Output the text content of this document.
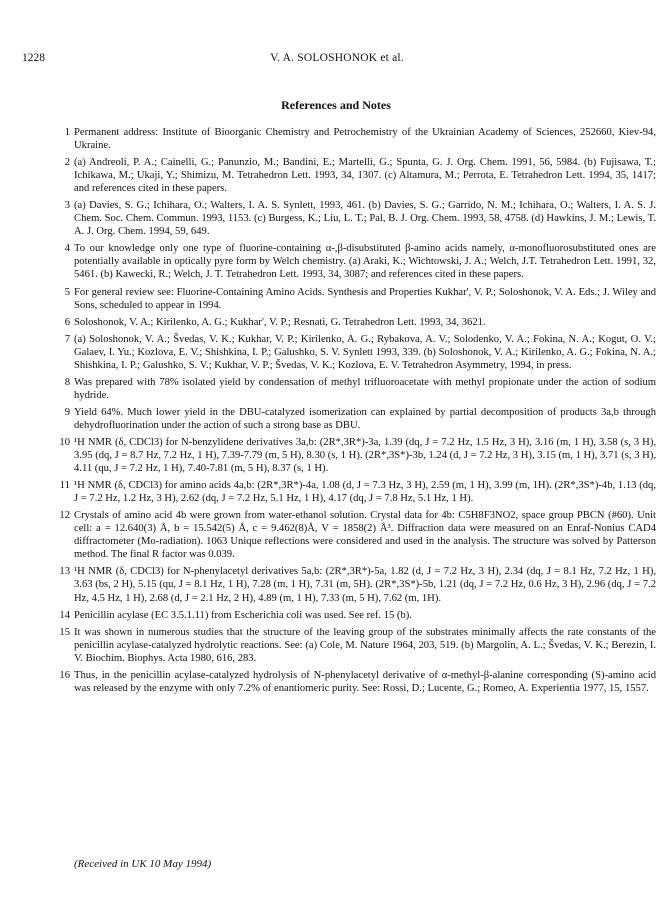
1228	V. A. SOLOSHONOK et al.
References and Notes
1 Permanent address: Institute of Bioorganic Chemistry and Petrochemistry of the Ukrainian Academy of Sciences, 252660, Kiev-94, Ukraine.
2 (a) Andreoli, P. A.; Cainelli, G.; Panunzio, M.; Bandini, E.; Martelli, G.; Spunta, G. J. Org. Chem. 1991, 56, 5984. (b) Fujisawa, T.; Ichikawa, M.; Ukaji, Y.; Shimizu, M. Tetrahedron Lett. 1993, 34, 1307. (c) Altamura, M.; Perrota, E. Tetrahedron Lett. 1994, 35, 1417; and references cited in these papers.
3 (a) Davies, S. G.; Ichihara, O.; Walters, I. A. S. Synlett, 1993, 461. (b) Davies, S. G.; Garrido, N. M.; Ichihara, O.; Walters, I. A. S. J. Chem. Soc. Chem. Commun. 1993, 1153. (c) Burgess, K.; Liu, L. T.; Pal, B. J. Org. Chem. 1993, 58, 4758. (d) Hawkins, J. M.; Lewis, T. A. J. Org. Chem. 1994, 59, 649.
4 To our knowledge only one type of fluorine-containing α-,β-disubstituted β-amino acids namely, α-monofluorosubstituted ones are potentially available in optically pyre form by Welch chemistry. (a) Araki, K.; Wichtowski, J. A.; Welch, J.T. Tetrahedron Lett. 1991, 32, 5461. (b) Kawecki, R.; Welch, J. T. Tetrahedron Lett. 1993, 34, 3087; and references cited in these papers.
5 For general review see: Fluorine-Containing Amino Acids. Synthesis and Properties Kukhar', V. P.; Soloshonok, V. A. Eds.; J. Wiley and Sons, scheduled to appear in 1994.
6 Soloshonok, V. A.; Kirilenko, A. G.; Kukhar', V. P.; Resnati, G. Tetrahedron Lett. 1993, 34, 3621.
7 (a) Soloshonok, V. A.; Švedas, V. K.; Kukhar, V. P.; Kirilenko, A. G.; Rybakova, A. V.; Solodenko, V. A.; Fokina, N. A.; Kogut, O. V.; Galaev, I. Yu.; Kozlova, E. V.; Shishkina, I. P.; Galushko, S. V. Synlett 1993, 339. (b) Soloshonok, V. A.; Kirilenko, A. G.; Fokina, N. A.; Shishkina, I. P.; Galushko, S. V.; Kukhar, V. P.; Švedas, V. K.; Kozlova, E. V. Tetrahedron Asymmetry, 1994, in press.
8 Was prepared with 78% isolated yield by condensation of methyl trifluoroacetate with methyl propionate under the action of sodium hydride.
9 Yield 64%. Much lower yield in the DBU-catalyzed isomerization can explained by partial decomposition of products 3a,b through dehydrofluorination under the action of such a strong base as DBU.
10 ¹H NMR (δ, CDCl3) for N-benzylidene derivatives 3a,b: (2R*,3R*)-3a, 1.39 (dq, J = 7.2 Hz, 1.5 Hz, 3 H), 3.16 (m, 1 H), 3.58 (s, 3 H), 3.95 (dq, J = 8.7 Hz, 7.2 Hz, 1 H), 7.39-7.79 (m, 5 H), 8.30 (s, 1 H). (2R*,3S*)-3b, 1.24 (d, J = 7.2 Hz, 3 H), 3.15 (m, 1 H), 3.71 (s, 3 H), 4.11 (qu, J = 7.2 Hz, 1 H), 7.40-7.81 (m, 5 H), 8.37 (s, 1 H).
11 ¹H NMR (δ, CDCl3) for amino acids 4a,b: (2R*,3R*)-4a, 1.08 (d, J = 7.3 Hz, 3 H), 2.59 (m, 1 H), 3.99 (m, 1H). (2R*,3S*)-4b, 1.13 (dq, J = 7.2 Hz, 1.2 Hz, 3 H), 2.62 (dq, J = 7.2 Hz, 5.1 Hz, 1 H), 4.17 (dq, J = 7.8 Hz, 5.1 Hz, 1 H).
12 Crystals of amino acid 4b were grown from water-ethanol solution. Crystal data for 4b: C5H8F3NO2, space group PBCN (#60). Unit cell: a = 12.640(3) Å, b = 15.542(5) Å, c = 9.462(8)Å, V = 1858(2) Å³. Diffraction data were measured on an Enraf-Nonius CAD4 diffractometer (Mo-radiation). 1063 Unique reflections were considered and used in the analysis. The structure was solved by Patterson method. The final R factor was 0.039.
13 ¹H NMR (δ, CDCl3) for N-phenylacetyl derivatives 5a,b: (2R*,3R*)-5a, 1.82 (d, J = 7.2 Hz, 3 H), 2.34 (dq, J = 8.1 Hz, 7.2 Hz, 1 H), 3.63 (bs, 2 H), 5.15 (qu, J = 8.1 Hz, 1 H), 7.28 (m, 1 H), 7.31 (m, 5H). (2R*,3S*)-5b, 1.21 (dq, J = 7.2 Hz, 0.6 Hz, 3 H), 2.96 (dq, J = 7.2 Hz, 4.5 Hz, 1 H), 2.68 (d, J = 2.1 Hz, 2 H), 4.89 (m, 1 H), 7.33 (m, 5 H), 7.62 (m, 1H).
14 Penicillin acylase (EC 3.5.1.11) from Escherichia coli was used. See ref. 15 (b).
15 It was shown in numerous studies that the structure of the leaving group of the substrates minimally affects the rate constants of the penicillin acylase-catalyzed hydrolytic reactions. See: (a) Cole, M. Nature 1964, 203, 519. (b) Margolin, A. L.; Švedas, V. K.; Berezin, I. V. Biochim. Biophys. Acta 1980, 616, 283.
16 Thus, in the penicillin acylase-catalyzed hydrolysis of N-phenylacetyl derivative of α-methyl-β-alanine corresponding (S)-amino acid was released by the enzyme with only 7.2% of enantiomeric purity. See: Rossi, D.; Lucente, G.; Romeo, A. Experientia 1977, 15, 1557.
(Received in UK 10 May 1994)
